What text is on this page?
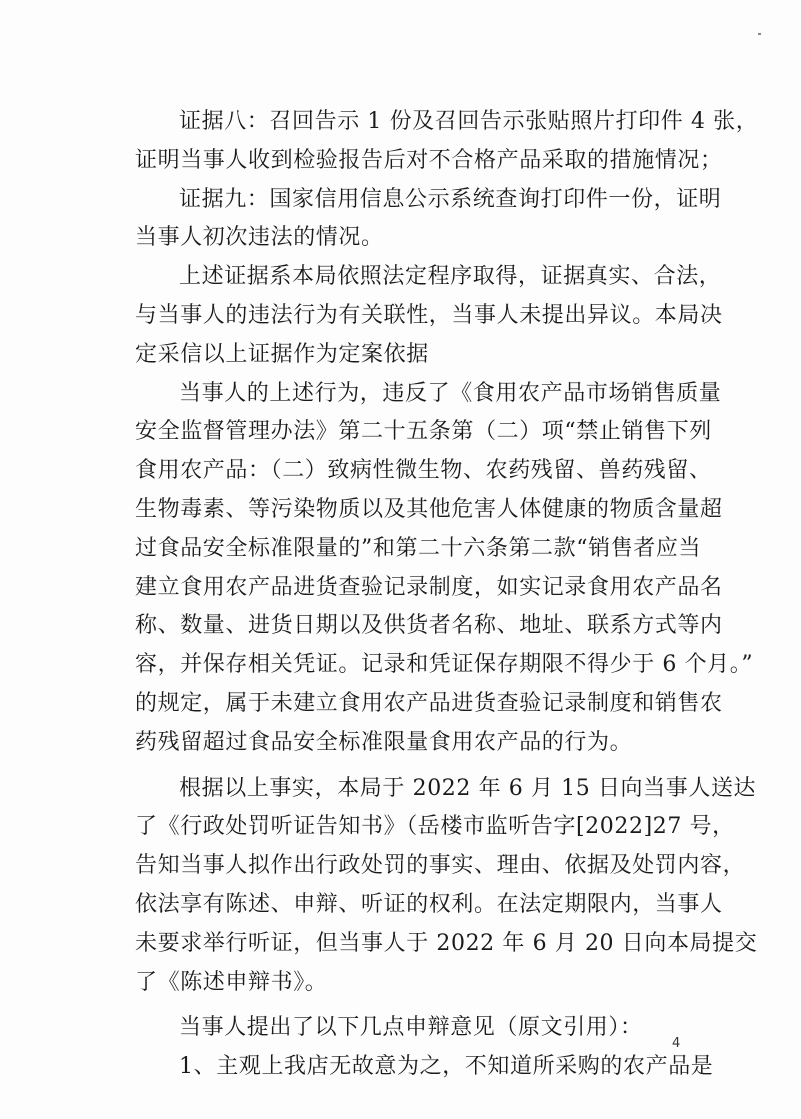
证据八：召回告示 1 份及召回告示张贴照片打印件 4 张，
证明当事人收到检验报告后对不合格产品采取的措施情况；
证据九：国家信用信息公示系统查询打印件一份，证明
当事人初次违法的情况。
上述证据系本局依照法定程序取得，证据真实、合法，
与当事人的违法行为有关联性，当事人未提出异议。本局决
定采信以上证据作为定案依据
当事人的上述行为，违反了《食用农产品市场销售质量
安全监督管理办法》第二十五条第（二）项“禁止销售下列
食用农产品：（二）致病性微生物、农药残留、兽药残留、
生物毒素、等污染物质以及其他危害人体健康的物质含量超
过食品安全标准限量的”和第二十六条第二款“销售者应当
建立食用农产品进货查验记录制度，如实记录食用农产品名
称、数量、进货日期以及供货者名称、地址、联系方式等内
容，并保存相关凭证。记录和凭证保存期限不得少于 6 个月。”
的规定，属于未建立食用农产品进货查验记录制度和销售农
药残留超过食品安全标准限量食用农产品的行为。
根据以上事实，本局于 2022 年 6 月 15 日向当事人送达
了《行政处罚听证告知书》（岳楼市监听告字[2022]27 号，
告知当事人拟作出行政处罚的事实、理由、依据及处罚内容，
依法享有陈述、申辩、听证的权利。在法定期限内，当事人
未要求举行听证，但当事人于 2022 年 6 月 20 日向本局提交
了《陈述申辩书》。
当事人提出了以下几点申辩意见（原文引用）：
1、主观上我店无故意为之，不知道所采购的农产品是
4
